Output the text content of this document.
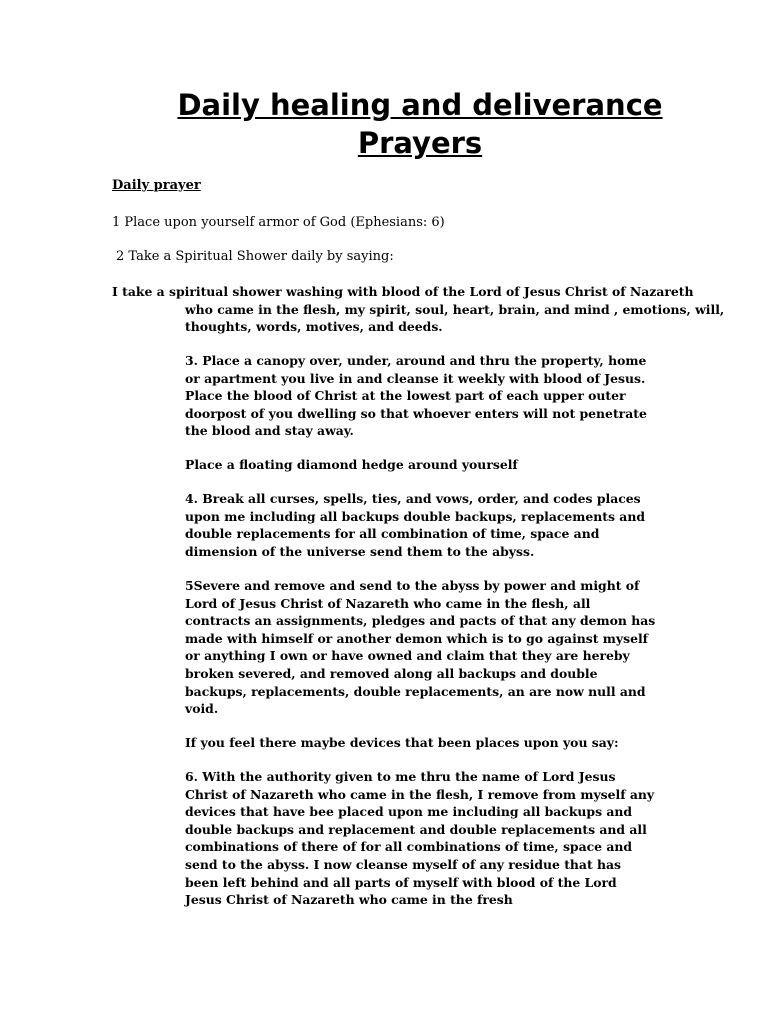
Daily healing and deliverance
Prayers

Daily prayer

1 Place upon yourself armor of God (Ephesians: 6)

2 Take a Spiritual Shower daily by saying:

I take a spiritual shower washing with blood of the Lord of Jesus Christ of Nazareth who came in the flesh, my spirit, soul, heart, brain, and mind , emotions, will, thoughts, words, motives, and deeds.

3. Place a canopy over, under, around and thru the property, home or apartment you live in and cleanse it weekly with blood of Jesus. Place the blood of Christ at the lowest part of each upper outer doorpost of you dwelling so that whoever enters will not penetrate the blood and stay away.

Place a floating diamond hedge around yourself

4. Break all curses, spells, ties, and vows, order, and codes places upon me including all backups double backups, replacements and double replacements for all combination of time, space and dimension of the universe send them to the abyss.

5Severe and remove and send to the abyss by power and might of Lord of Jesus Christ of Nazareth who came in the flesh, all contracts an assignments, pledges and pacts of that any demon has made with himself or another demon which is to go against myself or anything I own or have owned and claim that they are hereby broken severed, and removed along all backups and double backups, replacements, double replacements, an are now null and void.

If you feel there maybe devices that been places upon you say:

6. With the authority given to me thru the name of Lord Jesus Christ of Nazareth who came in the flesh, I remove from myself any devices that have bee placed upon me including all backups and double backups and replacement and double replacements and all combinations of there of for all combinations of time, space and send to the abyss. I now cleanse myself of any residue that has been left behind and all parts of myself with blood of the Lord Jesus Christ of Nazareth who came in the fresh
